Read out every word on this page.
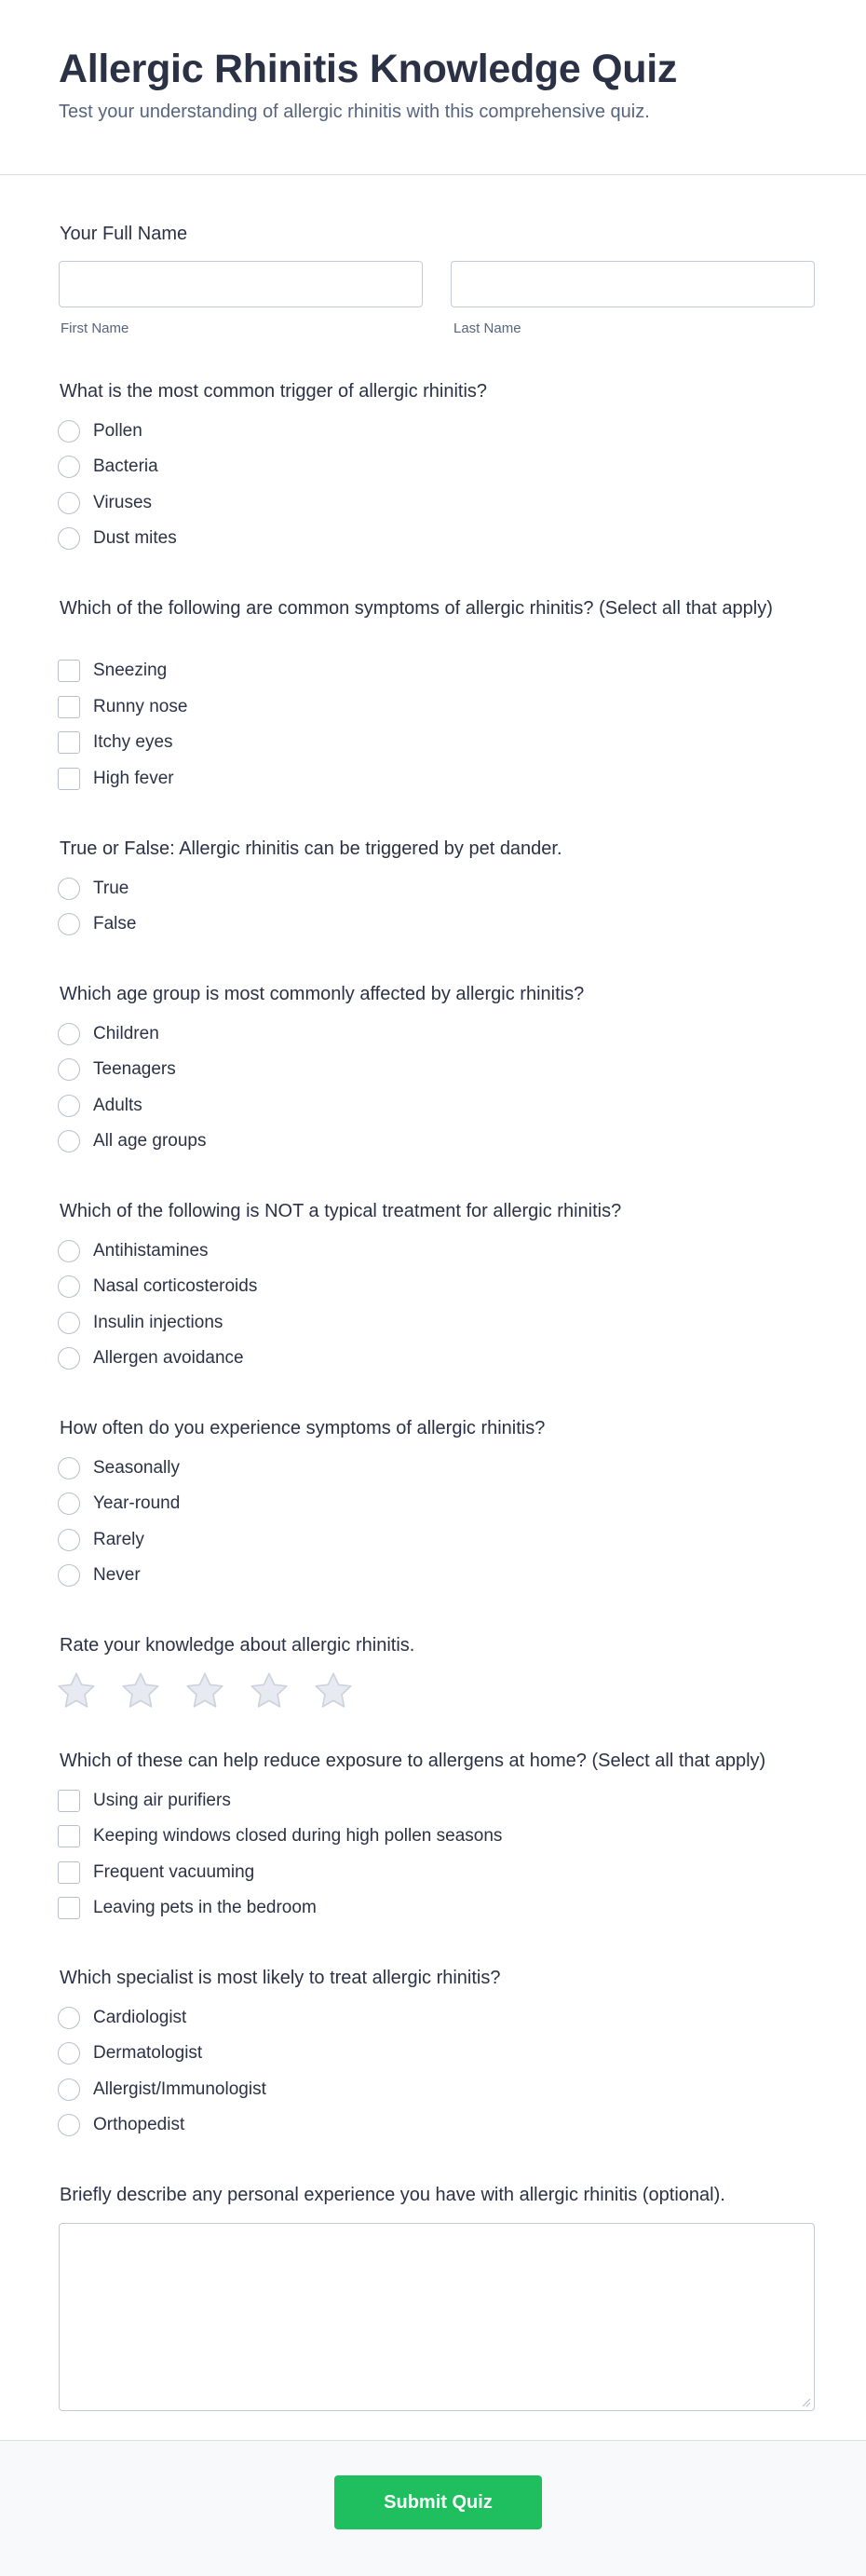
Allergic Rhinitis Knowledge Quiz

Test your understanding of allergic rhinitis with this comprehensive quiz.

Your Full Name
First Name	Last Name
What is the most common trigger of allergic rhinitis?
Pollen
Bacteria
Viruses
Dust mites
Which of the following are common symptoms of allergic rhinitis? (Select all that apply)
Sneezing
Runny nose
Itchy eyes
High fever
True or False: Allergic rhinitis can be triggered by pet dander.
True
False
Which age group is most commonly affected by allergic rhinitis?
Children
Teenagers
Adults
All age groups
Which of the following is NOT a typical treatment for allergic rhinitis?
Antihistamines
Nasal corticosteroids
Insulin injections
Allergen avoidance
How often do you experience symptoms of allergic rhinitis?
Seasonally
Year-round
Rarely
Never
Rate your knowledge about allergic rhinitis.
Which of these can help reduce exposure to allergens at home? (Select all that apply)
Using air purifiers
Keeping windows closed during high pollen seasons
Frequent vacuuming
Leaving pets in the bedroom
Which specialist is most likely to treat allergic rhinitis?
Cardiologist
Dermatologist
Allergist/Immunologist
Orthopedist
Briefly describe any personal experience you have with allergic rhinitis (optional).
Submit Quiz
